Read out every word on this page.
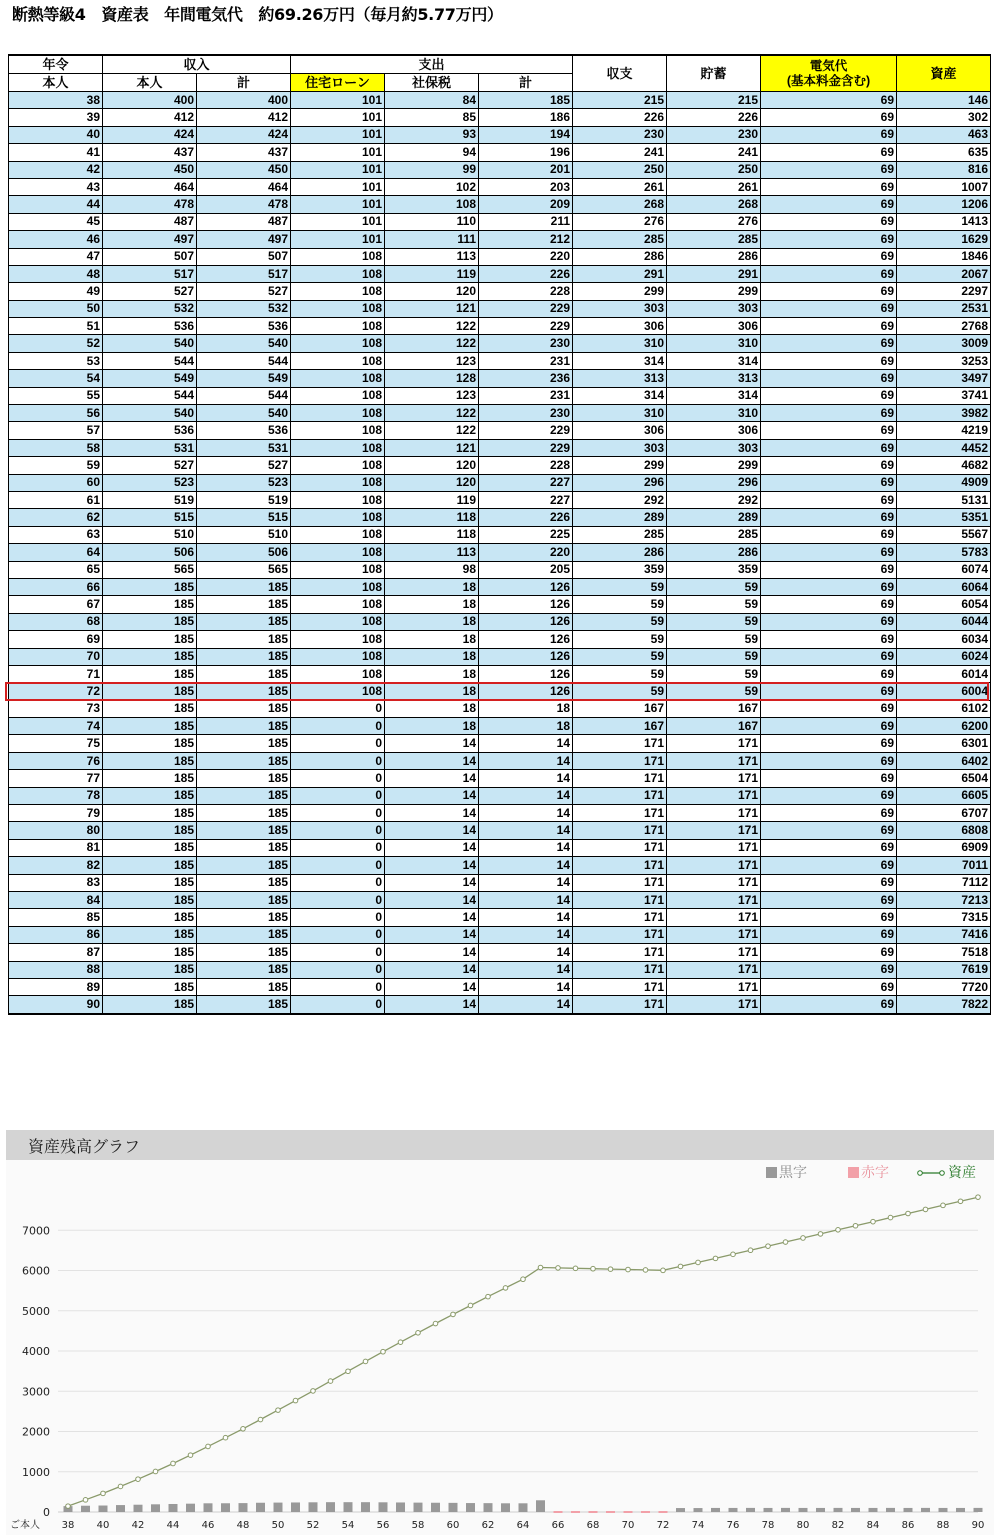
断熱等級4　資産表　年間電気代　約69.26万円（毎月約5.77万円）
年令	収入		支出			収支	貯蓄	電気代
(基本料金含む)	資産
本人	本人	計	住宅ローン	社保税	計				
38	400	400	101	84	185	215	215	69	146
39	412	412	101	85	186	226	226	69	302
40	424	424	101	93	194	230	230	69	463
41	437	437	101	94	196	241	241	69	635
42	450	450	101	99	201	250	250	69	816
43	464	464	101	102	203	261	261	69	1007
44	478	478	101	108	209	268	268	69	1206
45	487	487	101	110	211	276	276	69	1413
46	497	497	101	111	212	285	285	69	1629
47	507	507	108	113	220	286	286	69	1846
48	517	517	108	119	226	291	291	69	2067
49	527	527	108	120	228	299	299	69	2297
50	532	532	108	121	229	303	303	69	2531
51	536	536	108	122	229	306	306	69	2768
52	540	540	108	122	230	310	310	69	3009
53	544	544	108	123	231	314	314	69	3253
54	549	549	108	128	236	313	313	69	3497
55	544	544	108	123	231	314	314	69	3741
56	540	540	108	122	230	310	310	69	3982
57	536	536	108	122	229	306	306	69	4219
58	531	531	108	121	229	303	303	69	4452
59	527	527	108	120	228	299	299	69	4682
60	523	523	108	120	227	296	296	69	4909
61	519	519	108	119	227	292	292	69	5131
62	515	515	108	118	226	289	289	69	5351
63	510	510	108	118	225	285	285	69	5567
64	506	506	108	113	220	286	286	69	5783
65	565	565	108	98	205	359	359	69	6074
66	185	185	108	18	126	59	59	69	6064
67	185	185	108	18	126	59	59	69	6054
68	185	185	108	18	126	59	59	69	6044
69	185	185	108	18	126	59	59	69	6034
70	185	185	108	18	126	59	59	69	6024
71	185	185	108	18	126	59	59	69	6014
72	185	185	108	18	126	59	59	69	6004
73	185	185	0	18	18	167	167	69	6102
74	185	185	0	18	18	167	167	69	6200
75	185	185	0	14	14	171	171	69	6301
76	185	185	0	14	14	171	171	69	6402
77	185	185	0	14	14	171	171	69	6504
78	185	185	0	14	14	171	171	69	6605
79	185	185	0	14	14	171	171	69	6707
80	185	185	0	14	14	171	171	69	6808
81	185	185	0	14	14	171	171	69	6909
82	185	185	0	14	14	171	171	69	7011
83	185	185	0	14	14	171	171	69	7112
84	185	185	0	14	14	171	171	69	7213
85	185	185	0	14	14	171	171	69	7315
86	185	185	0	14	14	171	171	69	7416
87	185	185	0	14	14	171	171	69	7518
88	185	185	0	14	14	171	171	69	7619
89	185	185	0	14	14	171	171	69	7720
90	185	185	0	14	14	171	171	69	7822
資産残高グラフ
0
1000
2000
3000
4000
5000
6000
7000
38 40 42 44 46 48 50 52 54 56 58 60 62 64 66 68 70 72 74 76 78 80 82 84 86 88 90
ご本人
黒字	赤字	資産
